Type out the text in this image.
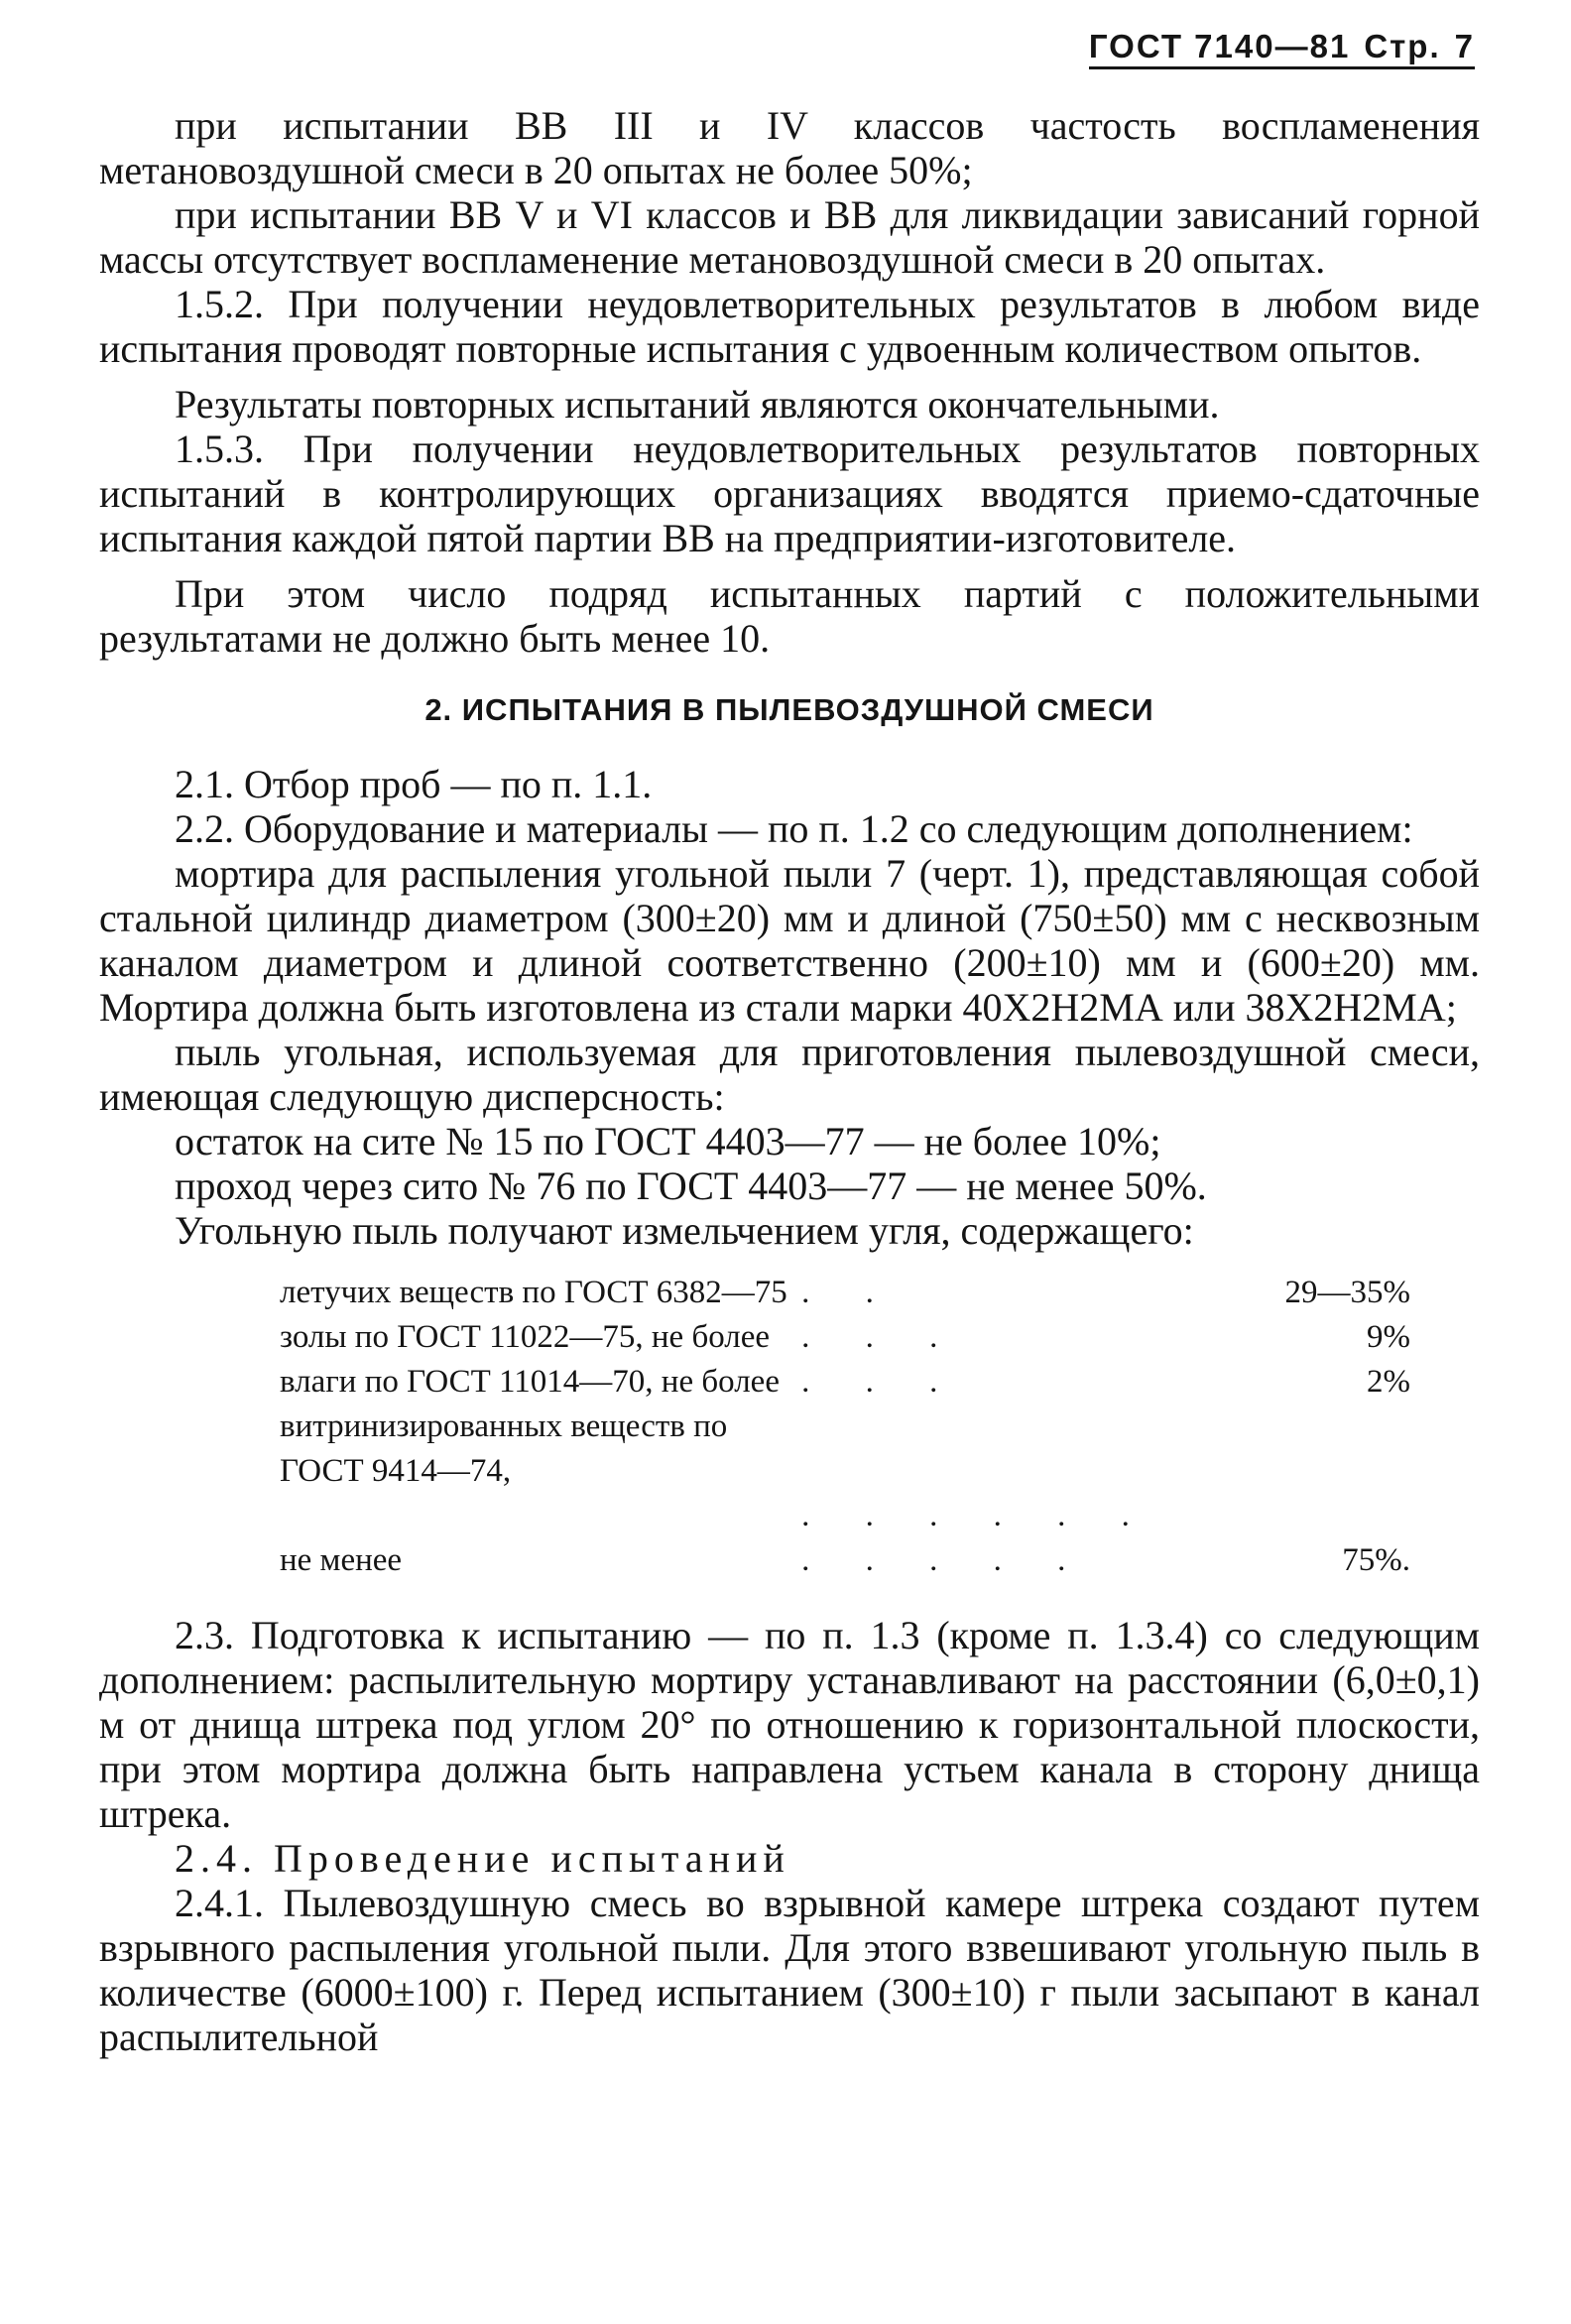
ГОСТ 7140—81 Стр. 7

при испытании ВВ III и IV классов частость воспламенения метановоздушной смеси в 20 опытах не более 50%;

при испытании ВВ V и VI классов и ВВ для ликвидации зависаний горной массы отсутствует воспламенение метановоздушной смеси в 20 опытах.

1.5.2. При получении неудовлетворительных результатов в любом виде испытания проводят повторные испытания с удвоенным количеством опытов.

Результаты повторных испытаний являются окончательными.

1.5.3. При получении неудовлетворительных результатов повторных испытаний в контролирующих организациях вводятся приемо-сдаточные испытания каждой пятой партии ВВ на предприятии-изготовителе.

При этом число подряд испытанных партий с положительными результатами не должно быть менее 10.

2. ИСПЫТАНИЯ В ПЫЛЕВОЗДУШНОЙ СМЕСИ

2.1. Отбор проб — по п. 1.1.

2.2. Оборудование и материалы — по п. 1.2 со следующим дополнением:

мортира для распыления угольной пыли 7 (черт. 1), представляющая собой стальной цилиндр диаметром (300±20) мм и длиной (750±50) мм с несквозным каналом диаметром и длиной соответственно (200±10) мм и (600±20) мм. Мортира должна быть изготовлена из стали марки 40Х2Н2МА или 38Х2Н2МА;

пыль угольная, используемая для приготовления пылевоздушной смеси, имеющая следующую дисперсность:

остаток на сите № 15 по ГОСТ 4403—77 — не более 10%;

проход через сито № 76 по ГОСТ 4403—77 — не менее 50%.

Угольную пыль получают измельчением угля, содержащего:

летучих веществ по ГОСТ 6382—75	. .	29—35%
золы по ГОСТ 11022—75, не более	. . .	9%
влаги по ГОСТ 11014—70, не более	. . .	2%
витринизированных веществ по ГОСТ 9414—74,		
не менее	. . . . . . . . . . .	75%.

2.3. Подготовка к испытанию — по п. 1.3 (кроме п. 1.3.4) со следующим дополнением: распылительную мортиру устанавливают на расстоянии (6,0±0,1) м от днища штрека под углом 20° по отношению к горизонтальной плоскости, при этом мортира должна быть направлена устьем канала в сторону днища штрека.

2.4. Проведение испытаний

2.4.1. Пылевоздушную смесь во взрывной камере штрека создают путем взрывного распыления угольной пыли. Для этого взвешивают угольную пыль в количестве (6000±100) г. Перед испытанием (300±10) г пыли засыпают в канал распылительной
